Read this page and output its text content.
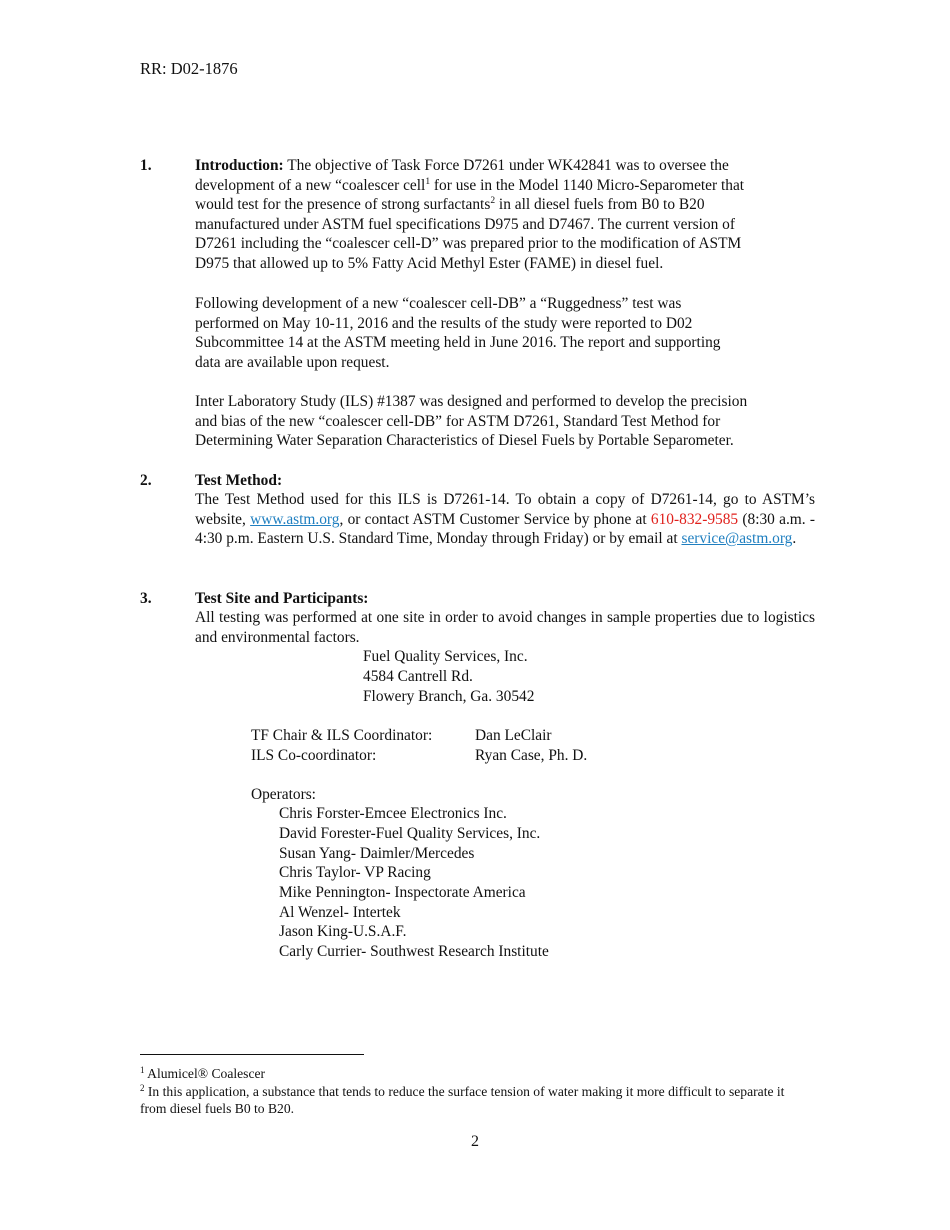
RR: D02-1876
1.	Introduction: The objective of Task Force D7261 under WK42841 was to oversee the
development of a new “coalescer cell$^1$ for use in the Model 1140 Micro-Separometer that
would test for the presence of strong surfactants$^2$ in all diesel fuels from B0 to B20
manufactured under ASTM fuel specifications D975 and D7467. The current version of
D7261 including the “coalescer cell-D” was prepared prior to the modification of ASTM
D975 that allowed up to 5% Fatty Acid Methyl Ester (FAME) in diesel fuel.
Following development of a new “coalescer cell-DB” a “Ruggedness” test was
performed on May 10-11, 2016 and the results of the study were reported to D02
Subcommittee 14 at the ASTM meeting held in June 2016. The report and supporting
data are available upon request.
Inter Laboratory Study (ILS) #1387 was designed and performed to develop the precision
and bias of the new “coalescer cell-DB” for ASTM D7261, Standard Test Method for
Determining Water Separation Characteristics of Diesel Fuels by Portable Separometer.
2.	Test Method:
The Test Method used for this ILS is D7261-14. To obtain a copy of D7261-14, go to ASTM’s website, www.astm.org, or contact ASTM Customer Service by phone at 610-832-9585 (8:30 a.m. - 4:30 p.m. Eastern U.S. Standard Time, Monday through Friday) or by email at service@astm.org.
3.	Test Site and Participants:
All testing was performed at one site in order to avoid changes in sample properties due to logistics and environmental factors.
Fuel Quality Services, Inc.
4584 Cantrell Rd.
Flowery Branch, Ga. 30542
TF Chair & ILS Coordinator:	Dan LeClair
ILS Co-coordinator:	Ryan Case, Ph. D.
Operators:
Chris Forster-Emcee Electronics Inc.
David Forester-Fuel Quality Services, Inc.
Susan Yang- Daimler/Mercedes
Chris Taylor- VP Racing
Mike Pennington- Inspectorate America
Al Wenzel- Intertek
Jason King-U.S.A.F.
Carly Currier- Southwest Research Institute
$^1$ Alumicel® Coalescer
$^2$ In this application, a substance that tends to reduce the surface tension of water making it more difficult to separate it from diesel fuels B0 to B20.
2
